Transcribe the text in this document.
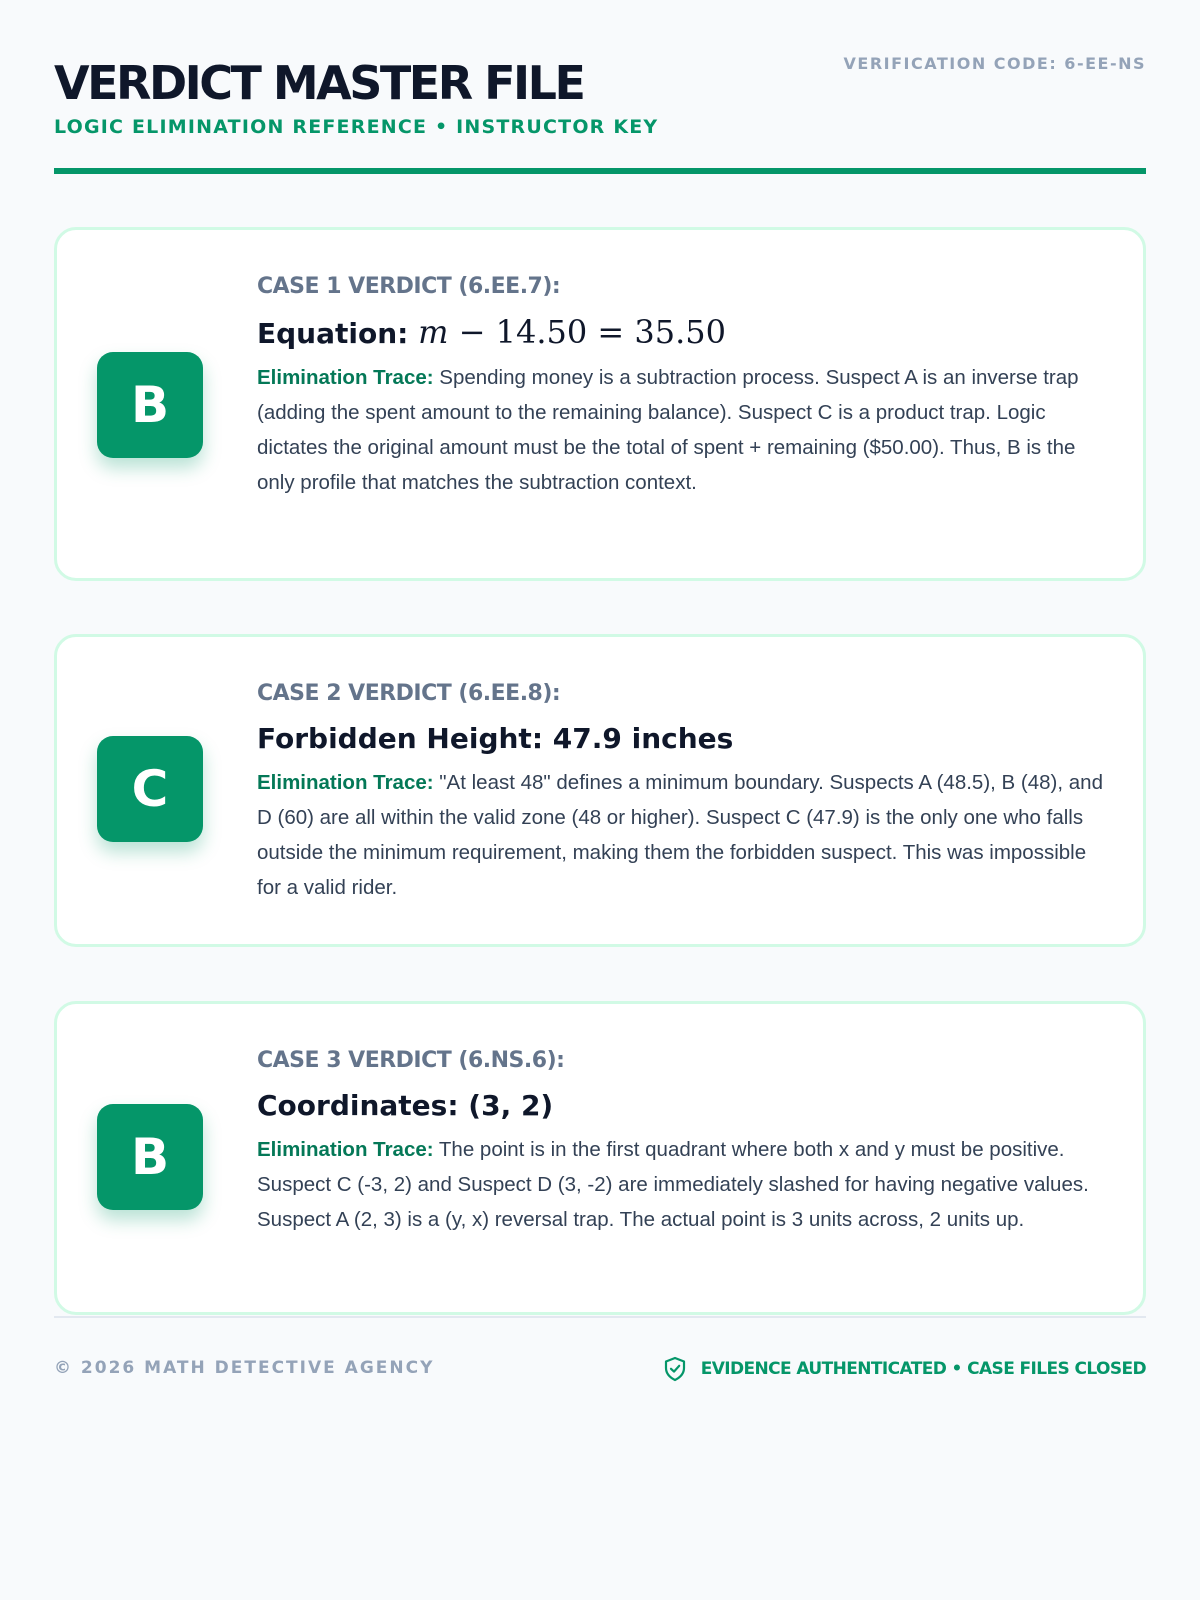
VERDICT MASTER FILE
LOGIC ELIMINATION REFERENCE • INSTRUCTOR KEY
VERIFICATION CODE: 6-EE-NS
B
CASE 1 VERDICT (6.EE.7):
Equation: m − 14.50 = 35.50
Elimination Trace: Spending money is a subtraction process. Suspect A is an inverse trap (adding the spent amount to the remaining balance). Suspect C is a product trap. Logic dictates the original amount must be the total of spent + remaining ($50.00). Thus, B is the only profile that matches the subtraction context.
C
CASE 2 VERDICT (6.EE.8):
Forbidden Height: 47.9 inches
Elimination Trace: "At least 48" defines a minimum boundary. Suspects A (48.5), B (48), and D (60) are all within the valid zone (48 or higher). Suspect C (47.9) is the only one who falls outside the minimum requirement, making them the forbidden suspect. This was impossible for a valid rider.
B
CASE 3 VERDICT (6.NS.6):
Coordinates: (3, 2)
Elimination Trace: The point is in the first quadrant where both x and y must be positive. Suspect C (-3, 2) and Suspect D (3, -2) are immediately slashed for having negative values. Suspect A (2, 3) is a (y, x) reversal trap. The actual point is 3 units across, 2 units up.
© 2026 MATH DETECTIVE AGENCY	EVIDENCE AUTHENTICATED • CASE FILES CLOSED
